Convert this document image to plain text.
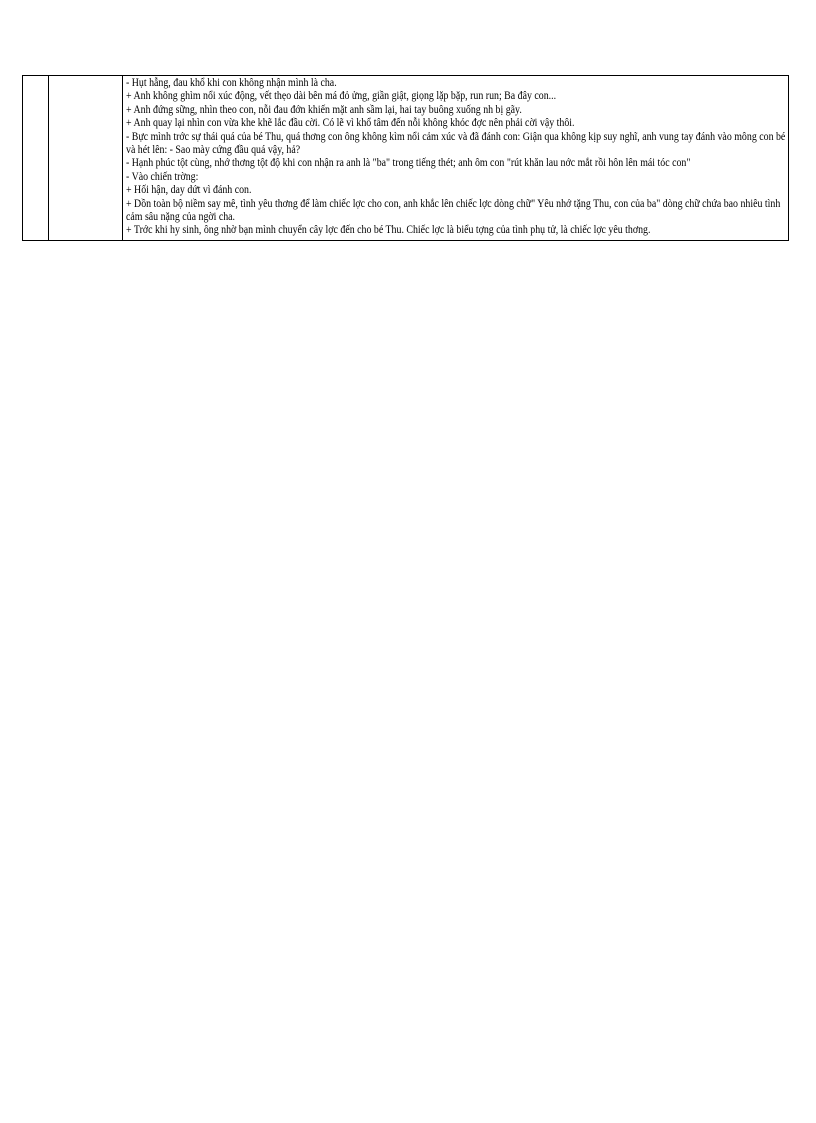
- Hụt hẫng, đau khổ khi con không nhận mình là cha.
+ Anh không ghìm nổi xúc động, vết thẹo dài bên má đỏ ửng, giần giật, giọng lặp bặp, run run; Ba đây con...
+ Anh đứng sững, nhìn theo con, nỗi đau đớn khiến mặt anh sầm lại, hai tay buông xuống nh bị gãy.
+ Anh quay lại nhìn con vừa khe khẽ lắc đầu cời. Có lẽ vì khổ tâm đến nỗi không khóc đợc nên phải cời vậy thôi.
- Bực mình trớc sự thái quá của bé Thu, quá thơng con ông không kìm nổi cảm xúc và đã đánh con: Giận qua không kịp suy nghĩ, anh vung tay đánh vào mông con bé và hét lên: - Sao mày cứng đầu quá vậy, hả?
- Hạnh phúc tột cùng, nhớ thơng tột độ khi con nhận ra anh là "ba" trong tiếng thét; anh ôm con "rút khăn lau nớc mắt rồi hôn lên mái tóc con"
- Vào chiến trờng:
+ Hối hận, day dứt vì đánh con.
+ Dồn toàn bộ niềm say mê, tình yêu thơng để làm chiếc lợc cho con, anh khắc lên chiếc lợc dòng chữ" Yêu nhớ tặng Thu, con của ba" dòng chữ chứa bao nhiêu tình cảm sâu nặng của ngời cha.
+ Trớc khi hy sinh, ông nhờ bạn mình chuyển cây lợc đến cho bé Thu. Chiếc lợc là biểu tợng của tình phụ tử, là chiếc lợc yêu thơng.
